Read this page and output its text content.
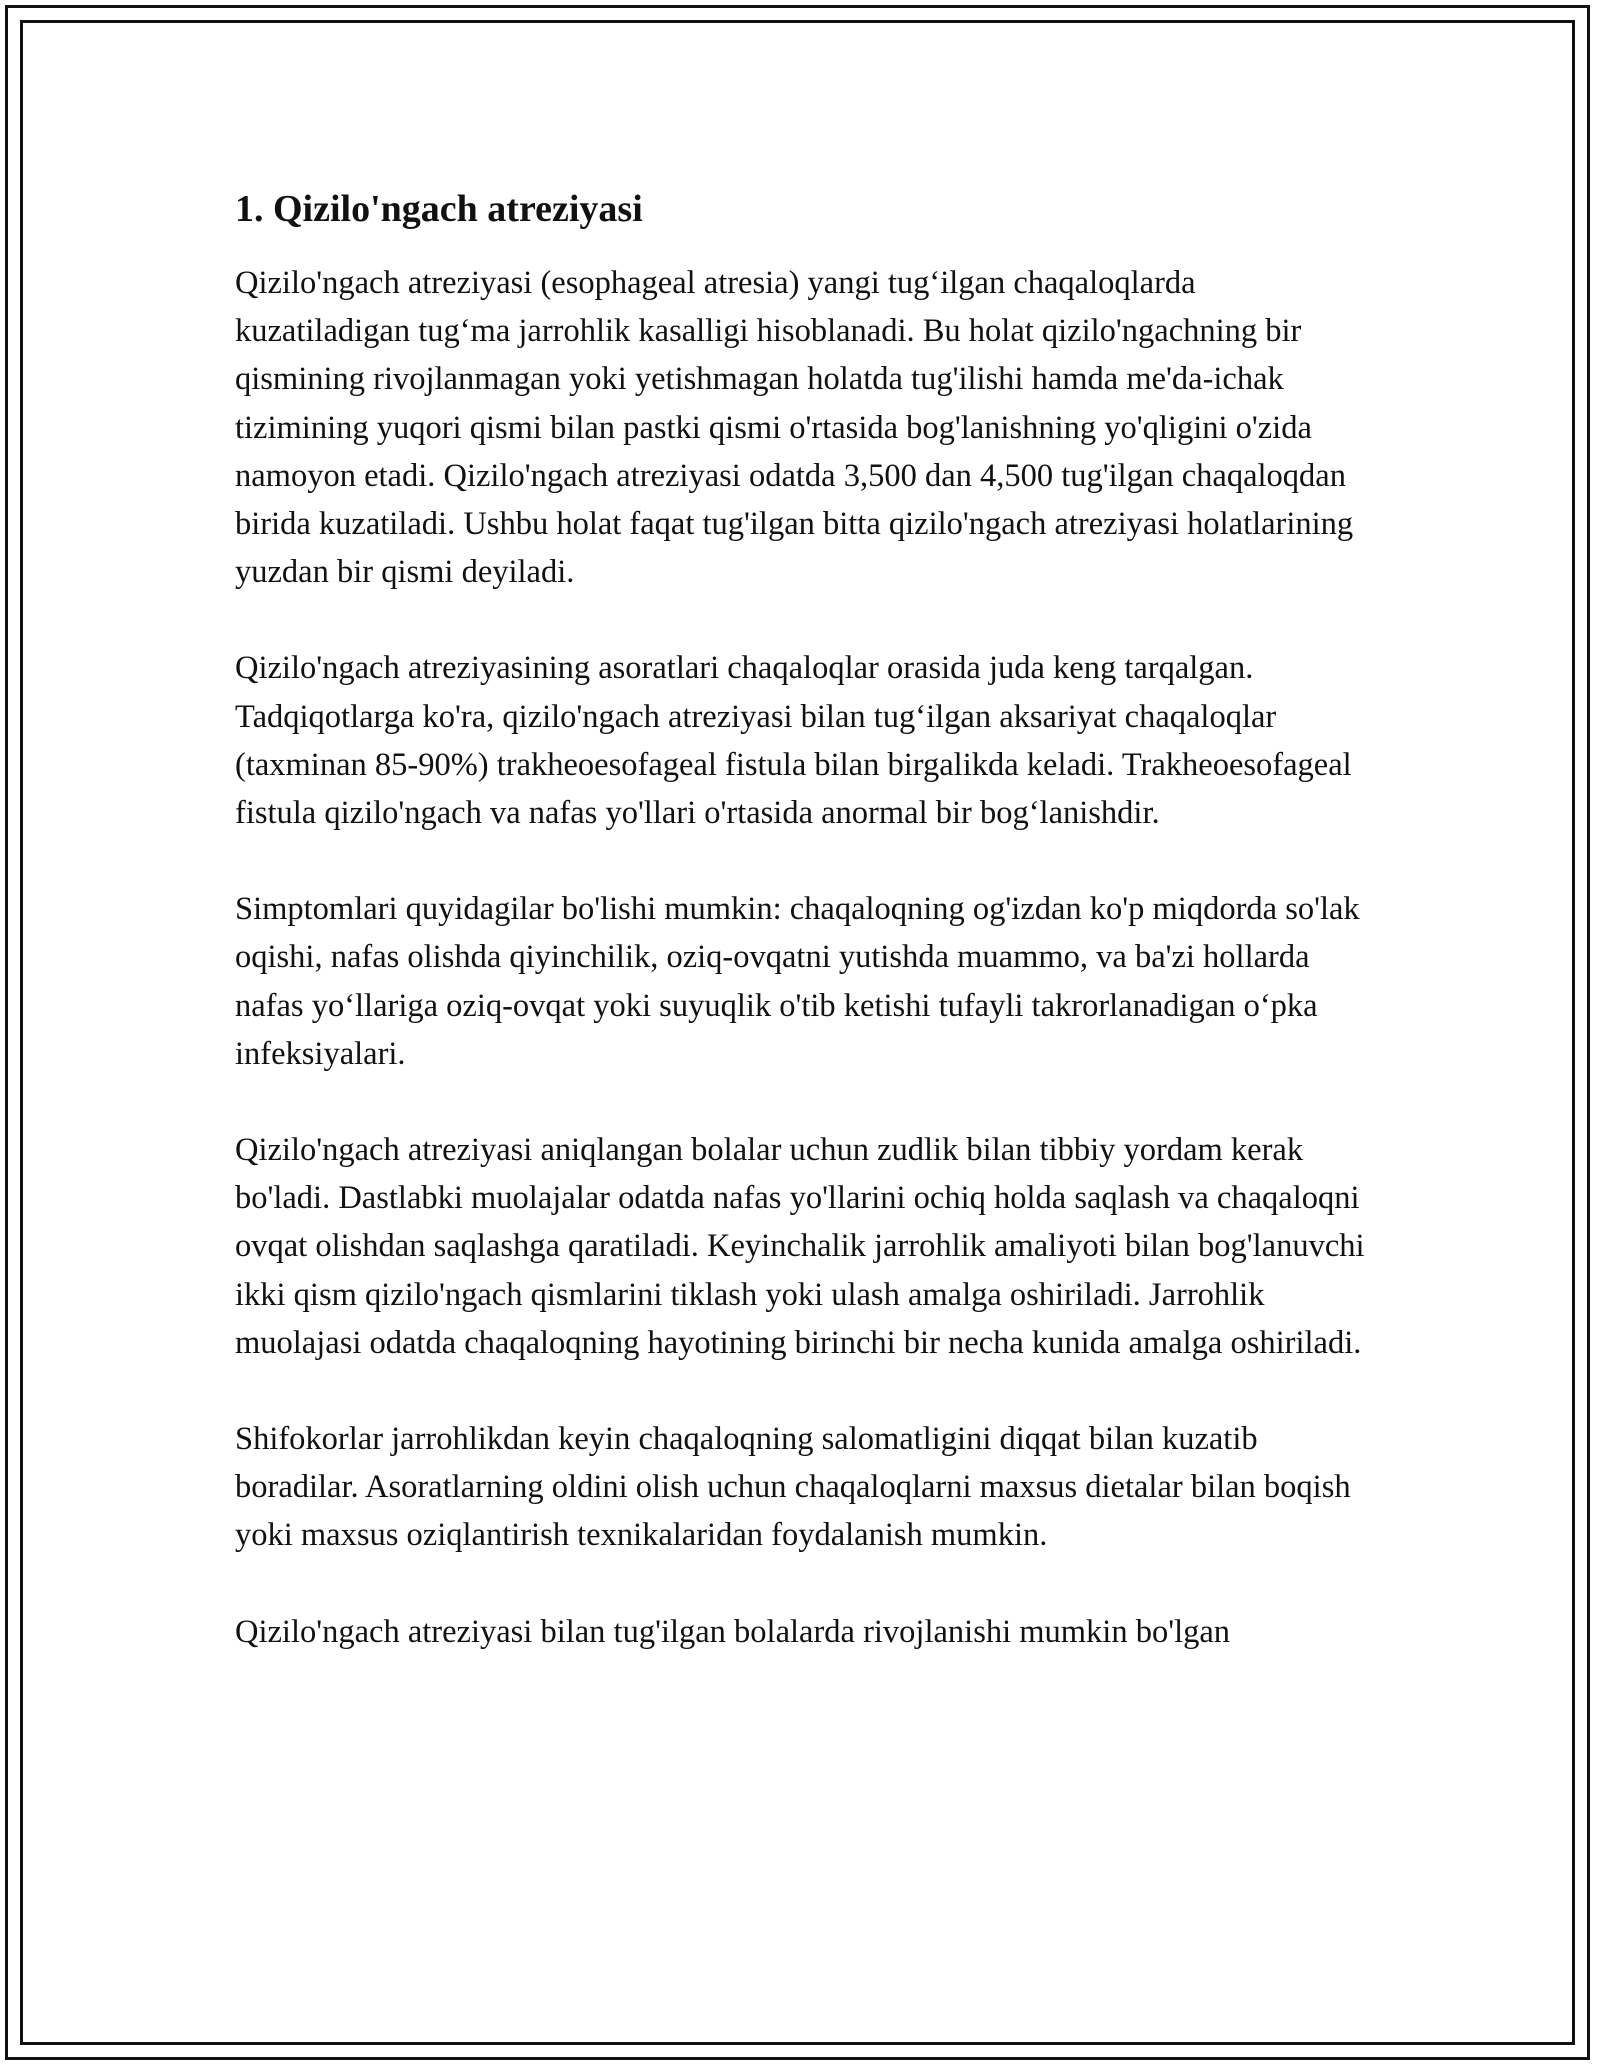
1. Qizilo'ngach atreziyasi

Qizilo'ngach atreziyasi (esophageal atresia) yangi tug‘ilgan chaqaloqlarda kuzatiladigan tug‘ma jarrohlik kasalligi hisoblanadi. Bu holat qizilo'ngachning bir qismining rivojlanmagan yoki yetishmagan holatda tug'ilishi hamda me'da-ichak tizimining yuqori qismi bilan pastki qismi o'rtasida bog'lanishning yo'qligini o'zida namoyon etadi. Qizilo'ngach atreziyasi odatda 3,500 dan 4,500 tug'ilgan chaqaloqdan birida kuzatiladi. Ushbu holat faqat tug'ilgan bitta qizilo'ngach atreziyasi holatlarining yuzdan bir qismi deyiladi.

Qizilo'ngach atreziyasining asoratlari chaqaloqlar orasida juda keng tarqalgan. Tadqiqotlarga ko'ra, qizilo'ngach atreziyasi bilan tug‘ilgan aksariyat chaqaloqlar (taxminan 85-90%) trakheoesofageal fistula bilan birgalikda keladi. Trakheoesofageal fistula qizilo'ngach va nafas yo'llari o'rtasida anormal bir bog‘lanishdir.

Simptomlari quyidagilar bo'lishi mumkin: chaqaloqning og'izdan ko'p miqdorda so'lak oqishi, nafas olishda qiyinchilik, oziq-ovqatni yutishda muammo, va ba'zi hollarda nafas yo‘llariga oziq-ovqat yoki suyuqlik o'tib ketishi tufayli takrorlanadigan o‘pka infeksiyalari.

Qizilo'ngach atreziyasi aniqlangan bolalar uchun zudlik bilan tibbiy yordam kerak bo'ladi. Dastlabki muolajalar odatda nafas yo'llarini ochiq holda saqlash va chaqaloqni ovqat olishdan saqlashga qaratiladi. Keyinchalik jarrohlik amaliyoti bilan bog'lanuvchi ikki qism qizilo'ngach qismlarini tiklash yoki ulash amalga oshiriladi. Jarrohlik muolajasi odatda chaqaloqning hayotining birinchi bir necha kunida amalga oshiriladi.

Shifokorlar jarrohlikdan keyin chaqaloqning salomatligini diqqat bilan kuzatib boradilar. Asoratlarning oldini olish uchun chaqaloqlarni maxsus dietalar bilan boqish yoki maxsus oziqlantirish texnikalaridan foydalanish mumkin.

Qizilo'ngach atreziyasi bilan tug'ilgan bolalarda rivojlanishi mumkin bo'lgan
